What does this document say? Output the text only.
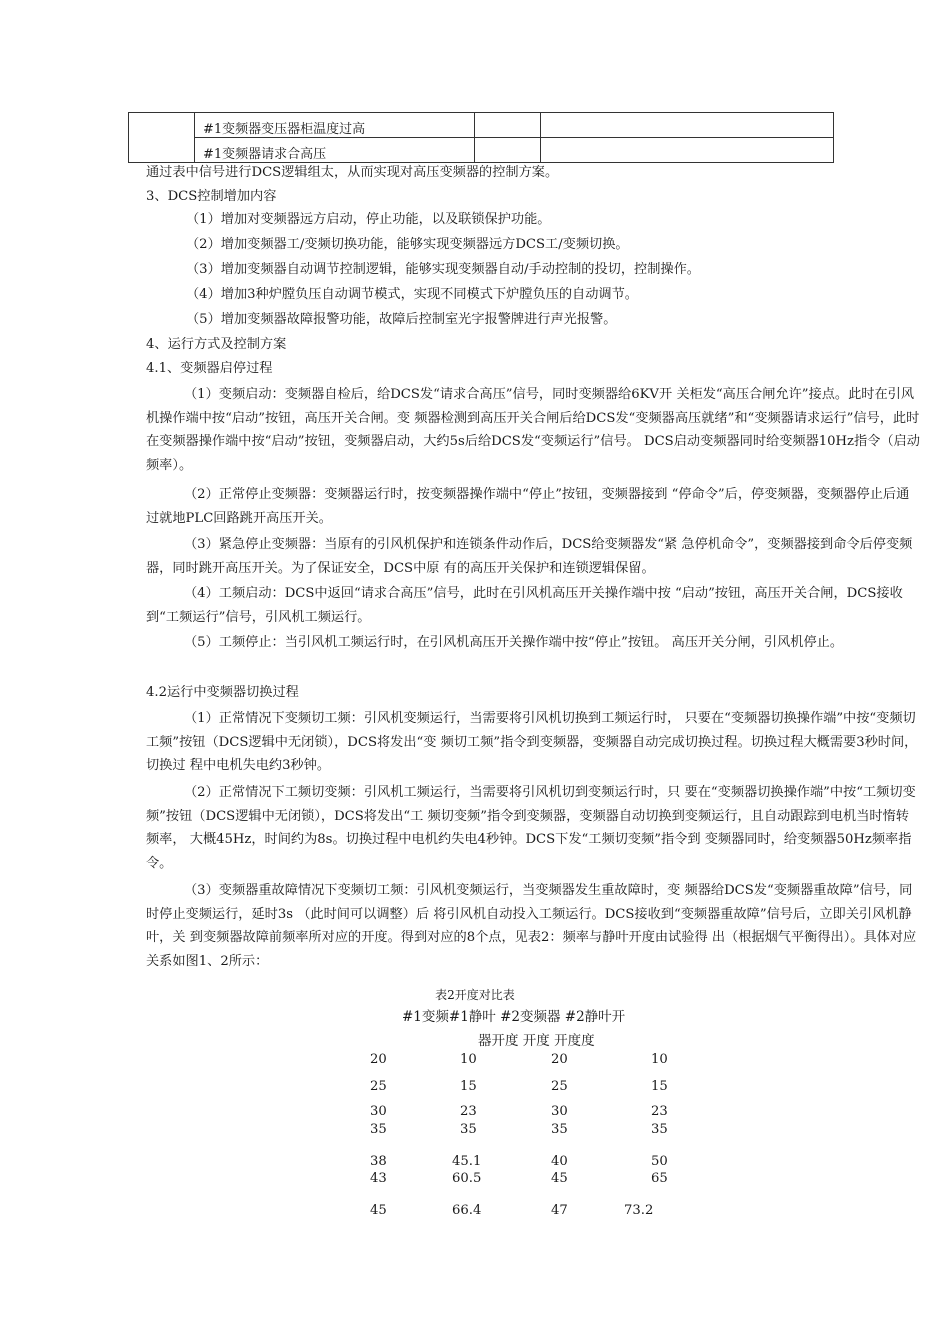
	#1变频器变压器柜温度过高		
	#1变频器请求合高压		
通过表中信号进行DCS逻辑组太，从而实现对高压变频器的控制方案。
3、DCS控制增加内容
（1）增加对变频器远方启动，停止功能，以及联锁保护功能。
（2）增加变频器工/变频切换功能，能够实现变频器远方DCS工/变频切换。
（3）增加变频器自动调节控制逻辑，能够实现变频器自动/手动控制的投切，控制操作。
（4）增加3种炉膛负压自动调节模式，实现不同模式下炉膛负压的自动调节。
（5）增加变频器故障报警功能，故障后控制室光字报警牌进行声光报警。
4、运行方式及控制方案
4.1、变频器启停过程
（1）变频启动：变频器自检后，给DCS发“请求合高压”信号，同时变频器给6KV开 关柜发“高压合闸允许”接点。此时在引风机操作端中按“启动”按钮，高压开关合闸。变 频器检测到高压开关合闸后给DCS发“变频器高压就绪”和“变频器请求运行”信号，此时 在变频器操作端中按“启动”按钮，变频器启动，大约5s后给DCS发“变频运行”信号。 DCS启动变频器同时给变频器10Hz指令（启动频率）。
（2）正常停止变频器：变频器运行时，按变频器操作端中“停止”按钮，变频器接到 “停命令”后，停变频器，变频器停止后通过就地PLC回路跳开高压开关。
（3）紧急停止变频器：当原有的引风机保护和连锁条件动作后，DCS给变频器发“紧 急停机命令”，变频器接到命令后停变频器，同时跳开高压开关。为了保证安全，DCS中原 有的高压开关保护和连锁逻辑保留。
（4）工频启动：DCS中返回“请求合高压”信号，此时在引风机高压开关操作端中按 “启动”按钮，高压开关合闸，DCS接收到“工频运行”信号，引风机工频运行。
（5）工频停止：当引风机工频运行时，在引风机高压开关操作端中按“停止”按钮。 高压开关分闸，引风机停止。
4.2运行中变频器切换过程
（1）正常情况下变频切工频：引风机变频运行，当需要将引风机切换到工频运行时， 只要在“变频器切换操作端”中按“变频切工频”按钮（DCS逻辑中无闭锁），DCS将发出“变 频切工频”指令到变频器，变频器自动完成切换过程。切换过程大概需要3秒时间，切换过 程中电机失电约3秒钟。
（2）正常情况下工频切变频：引风机工频运行，当需要将引风机切到变频运行时，只 要在“变频器切换操作端”中按“工频切变频”按钮（DCS逻辑中无闭锁），DCS将发出“工 频切变频”指令到变频器，变频器自动切换到变频运行，且自动跟踪到电机当时惰转频率， 大概45Hz，时间约为8s。切换过程中电机约失电4秒钟。DCS下发“工频切变频”指令到 变频器同时，给变频器50Hz频率指令。
（3）变频器重故障情况下变频切工频：引风机变频运行，当变频器发生重故障时，变 频器给DCS发“变频器重故障”信号，同时停止变频运行，延时3s （此时间可以调整）后 将引风机自动投入工频运行。DCS接收到“变频器重故障”信号后，立即关引风机静叶，关 到变频器故障前频率所对应的开度。得到对应的8个点，见表2：频率与静叶开度由试验得 出（根据烟气平衡得出）。具体对应关系如图1、2所示：
表2开度对比表
#1变频#1静叶 #2变频器 #2静叶开
器开度 开度 开度度
20	10	20	10
25	15	25	15
30	23	30	23
35	35	35	35
38	45.1	40	50
43	60.5	45	65
45	66.4	47	73.2
